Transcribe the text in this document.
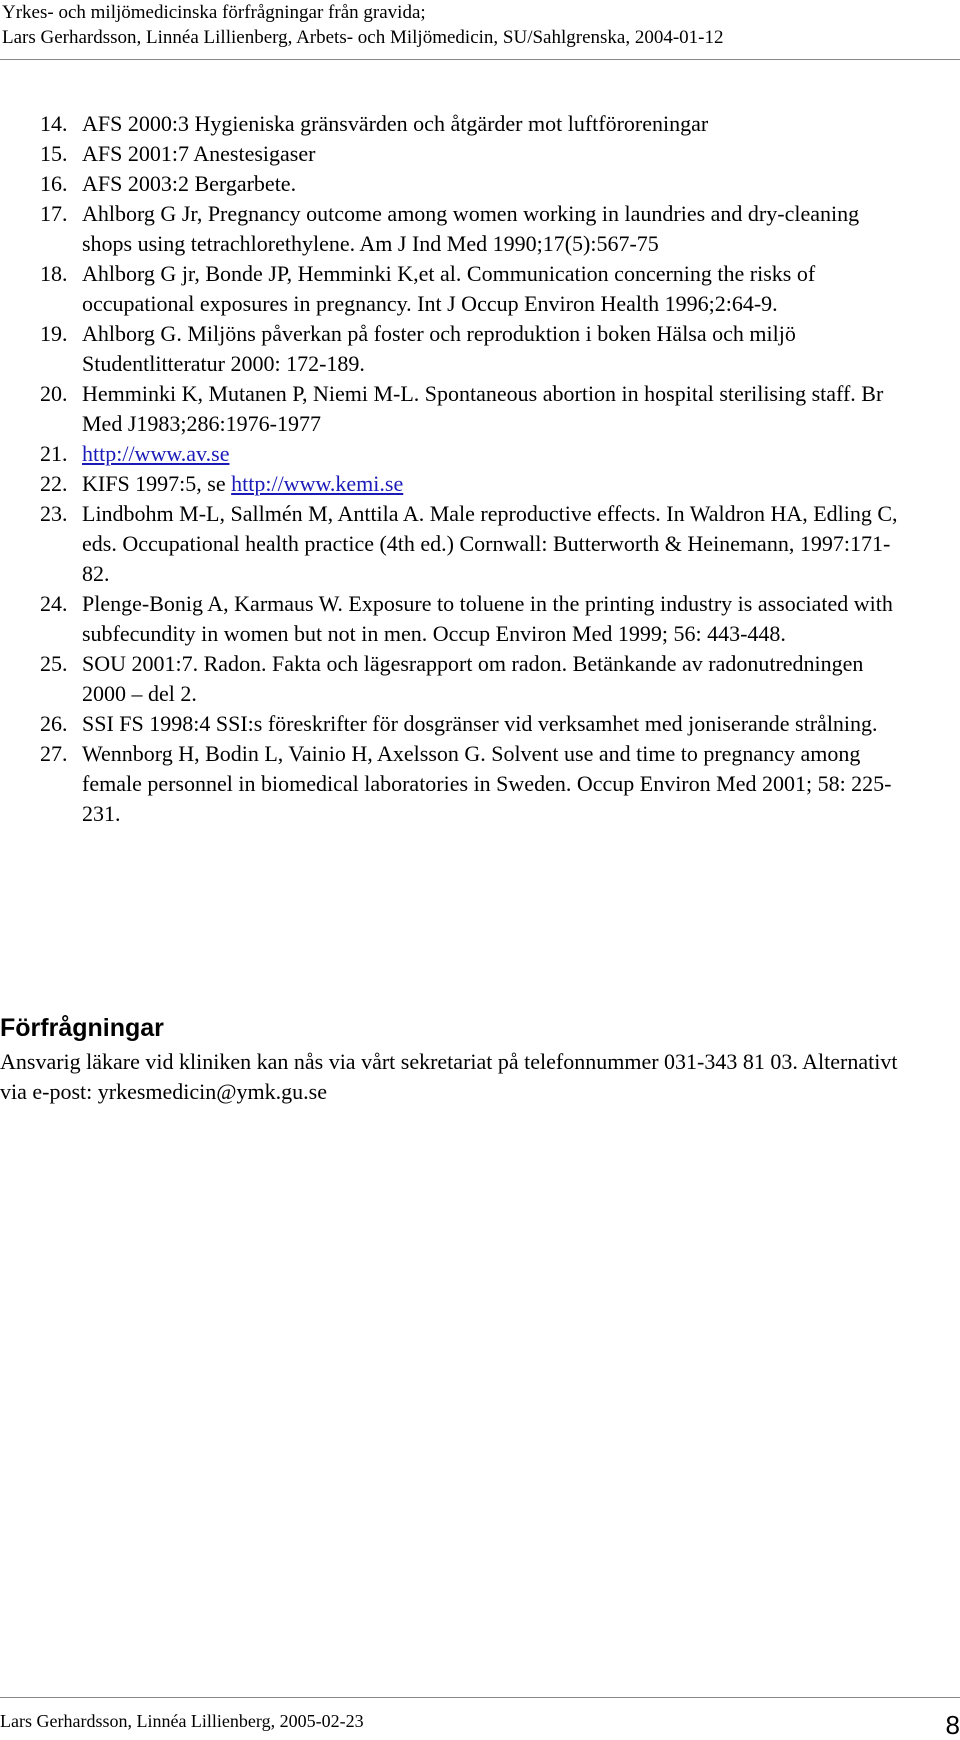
Yrkes- och miljömedicinska förfrågningar från gravida;
Lars Gerhardsson, Linnéa Lillienberg, Arbets- och Miljömedicin, SU/Sahlgrenska, 2004-01-12
14. AFS 2000:3 Hygieniska gränsvärden och åtgärder mot luftföroreningar
15. AFS 2001:7 Anestesigaser
16. AFS 2003:2 Bergarbete.
17. Ahlborg G Jr, Pregnancy outcome among women working in laundries and dry-cleaning shops using tetrachlorethylene. Am J Ind Med 1990;17(5):567-75
18. Ahlborg G jr, Bonde JP, Hemminki K,et al. Communication concerning the risks of occupational exposures in pregnancy. Int J Occup Environ Health 1996;2:64-9.
19. Ahlborg G. Miljöns påverkan på foster och reproduktion i boken Hälsa och miljö Studentlitteratur 2000: 172-189.
20. Hemminki K, Mutanen P, Niemi M-L. Spontaneous abortion in hospital sterilising staff. Br Med J1983;286:1976-1977
21. http://www.av.se
22. KIFS 1997:5, se http://www.kemi.se
23. Lindbohm M-L, Sallmén M, Anttila A. Male reproductive effects. In Waldron HA, Edling C, eds. Occupational health practice (4th ed.) Cornwall: Butterworth & Heinemann, 1997:171-82.
24. Plenge-Bonig A, Karmaus W. Exposure to toluene in the printing industry is associated with subfecundity in women but not in men. Occup Environ Med 1999; 56: 443-448.
25. SOU 2001:7. Radon. Fakta och lägesrapport om radon. Betänkande av radonutredningen 2000 – del 2.
26. SSI FS 1998:4 SSI:s föreskrifter för dosgränser vid verksamhet med joniserande strålning.
27. Wennborg H, Bodin L, Vainio H, Axelsson G. Solvent use and time to pregnancy among female personnel in biomedical laboratories in Sweden. Occup Environ Med 2001; 58: 225-231.
Förfrågningar

Ansvarig läkare vid kliniken kan nås via vårt sekretariat på telefonnummer 031-343 81 03. Alternativt via e-post: yrkesmedicin@ymk.gu.se

Lars Gerhardsson, Linnéa Lillienberg, 2005-02-23	8
